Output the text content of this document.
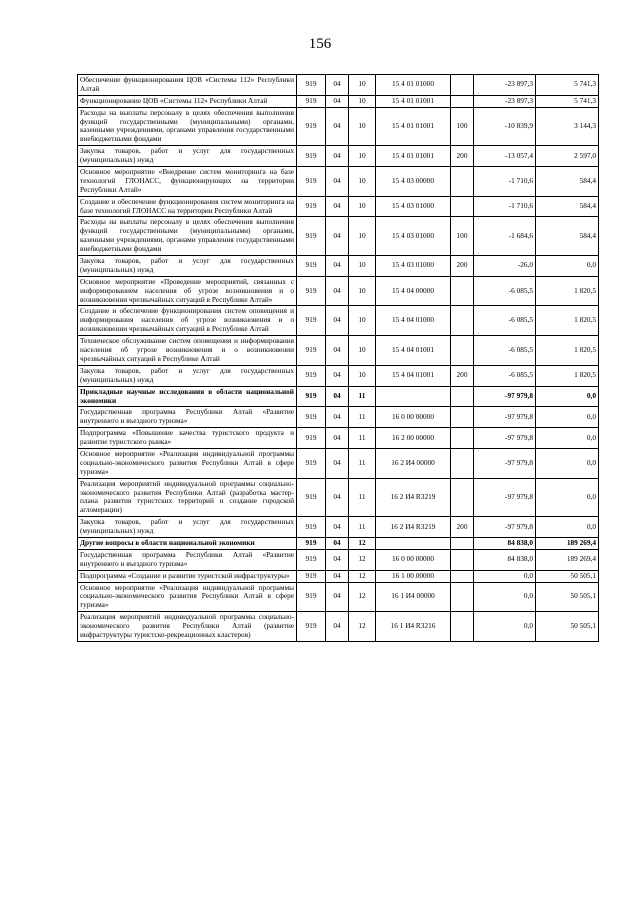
156
Обеспечение функционирования ЦОВ «Системы 112» Республики Алтай	919	04	10	15 4 01 01000		-23 897,3	5 741,3
Функционирование ЦОВ «Системы 112» Республики Алтай	919	04	10	15 4 01 01001		-23 897,3	5 741,3
Расходы на выплаты персоналу в целях обеспечения выполнения функций государственными (муниципальными) органами, казенными учреждениями, органами управления государственными внебюджетными фондами	919	04	10	15 4 01 01001	100	-10 839,9	3 144,3
Закупка товаров, работ и услуг для государственных (муниципальных) нужд	919	04	10	15 4 01 01001	200	-13 057,4	2 597,0
Основное мероприятие «Внедрение систем мониторинга на базе технологий ГЛОНАСС, функционирующих на территории Республики Алтай»	919	04	10	15 4 03 00000		-1 710,6	584,4
Создание и обеспечение функционирования систем мониторинга на базе технологий ГЛОНАСС на территории Республики Алтай	919	04	10	15 4 03 01000		-1 710,6	584,4
Расходы на выплаты персоналу в целях обеспечения выполнения функций государственными (муниципальными) органами, казенными учреждениями, органами управления государственными внебюджетными фондами	919	04	10	15 4 03 01000	100	-1 684,6	584,4
Закупка товаров, работ и услуг для государственных (муниципальных) нужд	919	04	10	15 4 03 01000	200	-26,0	0,0
Основное мероприятие «Проведение мероприятий, связанных с информированием населения об угрозе возникновения и о возникновении чрезвычайных ситуаций в Республике Алтай»	919	04	10	15 4 04 00000		-6 085,5	1 820,5
Создание и обеспечение функционирования систем оповещения и информирования населения об угрозе возникновения и о возникновении чрезвычайных ситуаций в Республике Алтай	919	04	10	15 4 04 01000		-6 085,5	1 820,5
Техническое обслуживание систем оповещения и информирования населения об угрозе возникновения и о возникновении чрезвычайных ситуаций в Республике Алтай	919	04	10	15 4 04 01001		-6 085,5	1 820,5
Закупка товаров, работ и услуг для государственных (муниципальных) нужд	919	04	10	15 4 04 01001	200	-6 085,5	1 820,5
Прикладные научные исследования в области национальной экономики	919	04	11			-97 979,8	0,0
Государственная программа Республики Алтай «Развитие внутреннего и въездного туризма»	919	04	11	16 0 00 00000		-97 979,8	0,0
Подпрограмма «Повышение качества туристского продукта и развитие туристского рынка»	919	04	11	16 2 00 00000		-97 979,8	0,0
Основное мероприятие «Реализация индивидуальной программы социально-экономического развития Республики Алтай в сфере туризма»	919	04	11	16 2 И4 00000		-97 979,8	0,0
Реализация мероприятий индивидуальной программы социально-экономического развития Республики Алтай (разработка мастер-плана развития туристских территорий и создание городской агломерации)	919	04	11	16 2 И4 R3219		-97 979,8	0,0
Закупка товаров, работ и услуг для государственных (муниципальных) нужд	919	04	11	16 2 И4 R3219	200	-97 979,8	0,0
Другие вопросы в области национальной экономики	919	04	12			84 838,0	189 269,4
Государственная программа Республики Алтай «Развитие внутреннего и въездного туризма»	919	04	12	16 0 00 00000		84 838,0	189 269,4
Подпрограмма «Создание и развитие туристской инфраструктуры»	919	04	12	16 1 00 00000		0,0	50 505,1
Основное мероприятие «Реализация индивидуальной программы социально-экономического развития Республики Алтай в сфере туризма»	919	04	12	16 1 И4 00000		0,0	50 505,1
Реализация мероприятий индивидуальной программы социально-экономического развития Республики Алтай (развитие инфраструктуры туристско-рекреационных кластеров)	919	04	12	16 1 И4 R3216		0,0	50 505,1
